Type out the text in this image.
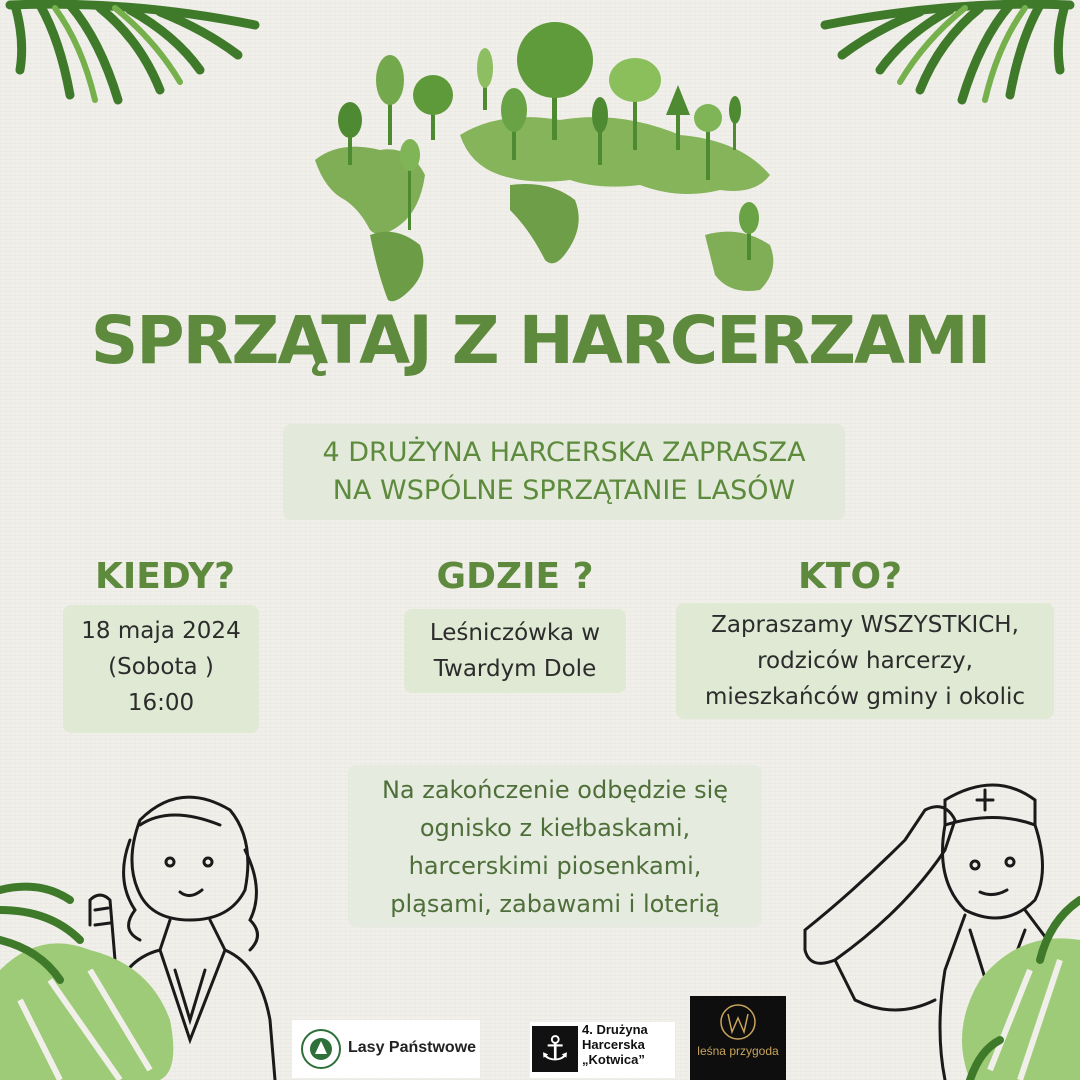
SPRZĄTAJ Z HARCERZAMI
4 DRUŻYNA HARCERSKA ZAPRASZA
NA WSPÓLNE SPRZĄTANIE LASÓW
KIEDY?
18 maja 2024
(Sobota )
16:00
GDZIE ?
Leśniczówka w
Twardym Dole
KTO?
Zapraszamy WSZYSTKICH,
rodziców harcerzy,
mieszkańców gminy i okolic
Na zakończenie odbędzie się
ognisko z kiełbaskami,
harcerskimi piosenkami,
pląsami, zabawami i loterią
Lasy Państwowe ⚓ 4. Drużyna
Harcerska
„Kotwica”
leśna przygoda
